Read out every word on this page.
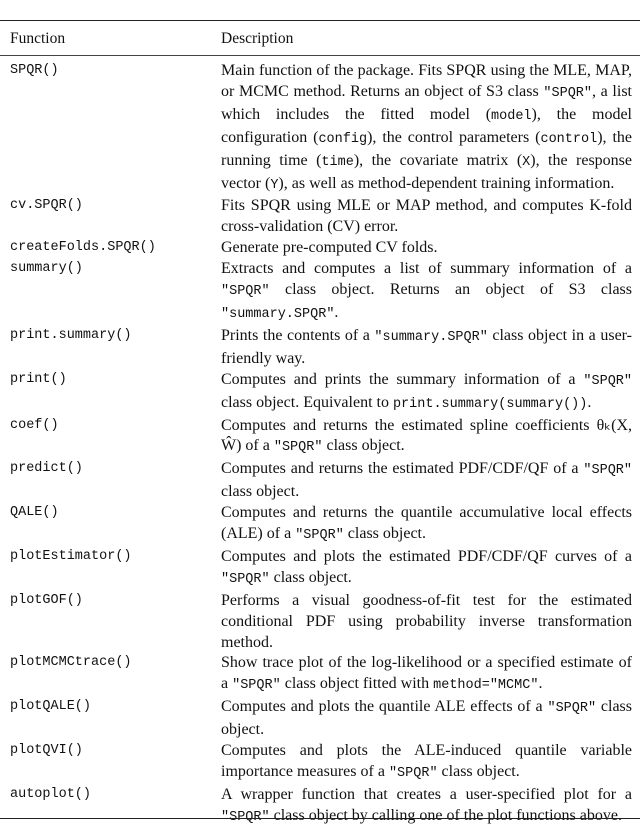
Function	Description
SPQR()	Main function of the package. Fits SPQR using the MLE, MAP, or MCMC method. Returns an object of S3 class "SPQR", a list which includes the fitted model (model), the model configuration (config), the control parameters (control), the running time (time), the covariate matrix (X), the response vector (Y), as well as method-dependent training information.
cv.SPQR()	Fits SPQR using MLE or MAP method, and computes K-fold cross-validation (CV) error.
createFolds.SPQR()	Generate pre-computed CV folds.
summary()	Extracts and computes a list of summary information of a "SPQR" class object. Returns an object of S3 class "summary.SPQR".
print.summary()	Prints the contents of a "summary.SPQR" class object in a user-friendly way.
print()	Computes and prints the summary information of a "SPQR" class object. Equivalent to print.summary(summary()).
coef()	Computes and returns the estimated spline coefficients θₖ(X, Ŵ) of a "SPQR" class object.
predict()	Computes and returns the estimated PDF/CDF/QF of a "SPQR" class object.
QALE()	Computes and returns the quantile accumulative local effects (ALE) of a "SPQR" class object.
plotEstimator()	Computes and plots the estimated PDF/CDF/QF curves of a "SPQR" class object.
plotGOF()	Performs a visual goodness-of-fit test for the estimated conditional PDF using probability inverse transformation method.
plotMCMCtrace()	Show trace plot of the log-likelihood or a specified estimate of a "SPQR" class object fitted with method="MCMC".
plotQALE()	Computes and plots the quantile ALE effects of a "SPQR" class object.
plotQVI()	Computes and plots the ALE-induced quantile variable importance measures of a "SPQR" class object.
autoplot()	A wrapper function that creates a user-specified plot for a "SPQR" class object by calling one of the plot functions above.
